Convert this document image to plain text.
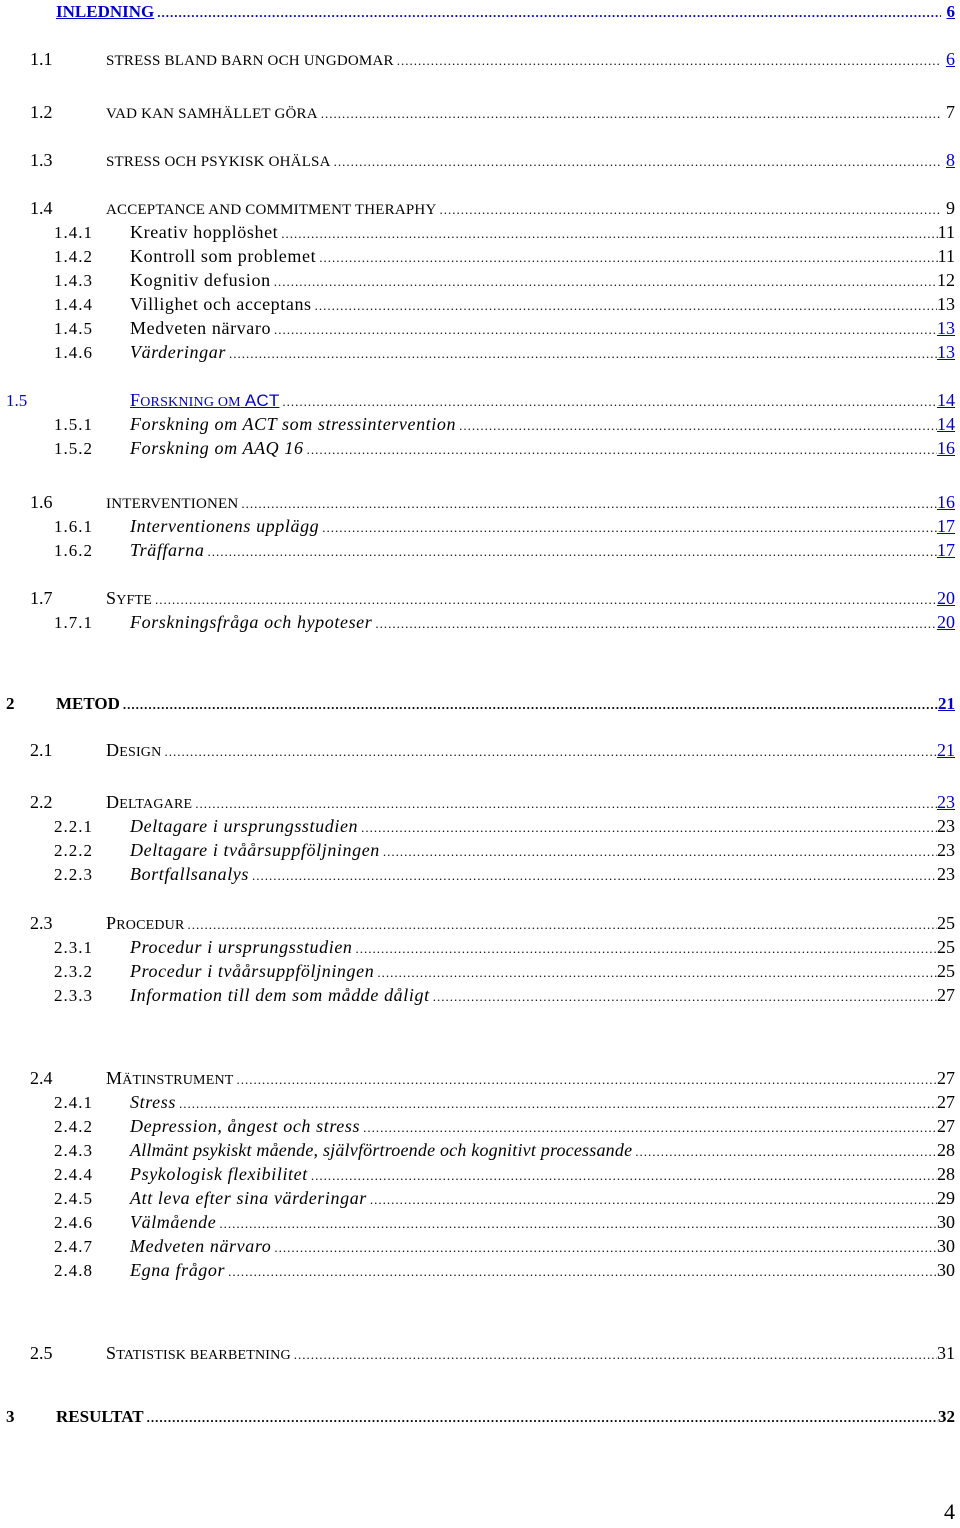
INLEDNING .....	6
1.1	STRESS BLAND BARN OCH UNGDOMAR .....	6
1.2	VAD KAN SAMHÄLLET GÖRA .....	7
1.3	STRESS OCH PSYKISK OHÄLSA .....	8
1.4	ACCEPTANCE AND COMMITMENT THERAPHY .....	9
1.4.1	Kreativ hopplöshet .....	11
1.4.2	Kontroll som problemet .....	11
1.4.3	Kognitiv defusion .....	12
1.4.4	Villighet och acceptans .....	13
1.4.5	Medveten närvaro .....	13
1.4.6	Värderingar .....	13
1.5	FORSKNING OM ACT .....	14
1.5.1	Forskning om ACT som stressintervention .....	14
1.5.2	Forskning om AAQ 16 .....	16
1.6	INTERVENTIONEN .....	16
1.6.1	Interventionens upplägg .....	17
1.6.2	Träffarna .....	17
1.7	SYFTE .....	20
1.7.1	Forskningsfråga och hypoteser .....	20
2	METOD .....	21
2.1	DESIGN .....	21
2.2	DELTAGARE .....	23
2.2.1	Deltagare i ursprungsstudien .....	23
2.2.2	Deltagare i tvåårsuppföljningen .....	23
2.2.3	Bortfallsanalys .....	23
2.3	PROCEDUR .....	25
2.3.1	Procedur i ursprungsstudien .....	25
2.3.2	Procedur i tvåårsuppföljningen .....	25
2.3.3	Information till dem som mådde dåligt .....	27
2.4	MÄTINSTRUMENT .....	27
2.4.1	Stress .....	27
2.4.2	Depression, ångest och stress .....	27
2.4.3	Allmänt psykiskt mående, självförtroende och kognitivt processande .....	28
2.4.4	Psykologisk flexibilitet .....	28
2.4.5	Att leva efter sina värderingar .....	29
2.4.6	Välmående .....	30
2.4.7	Medveten närvaro .....	30
2.4.8	Egna frågor .....	30
2.5	STATISTISK BEARBETNING .....	31
3	RESULTAT .....	32
4
